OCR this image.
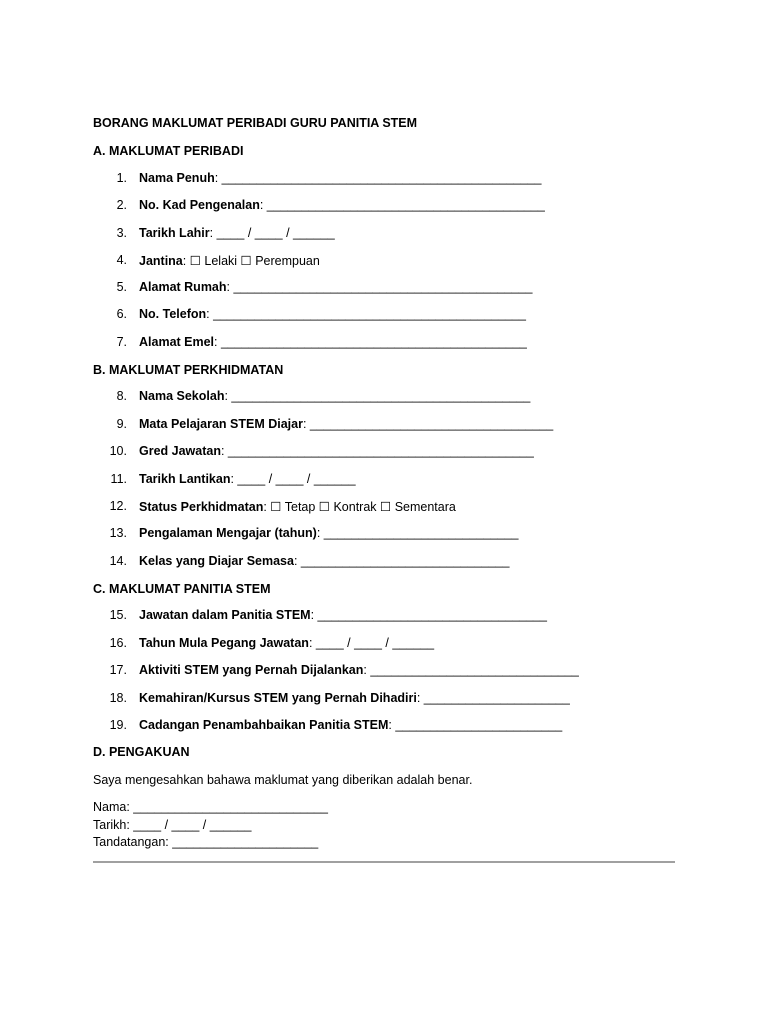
BORANG MAKLUMAT PERIBADI GURU PANITIA STEM
A. MAKLUMAT PERIBADI
1. Nama Penuh: ______________________________________________
2. No. Kad Pengenalan: ________________________________________
3. Tarikh Lahir: ____ / ____ / ______
4. Jantina: ☐ Lelaki ☐ Perempuan
5. Alamat Rumah: ___________________________________________
6. No. Telefon: _____________________________________________
7. Alamat Emel: ____________________________________________
B. MAKLUMAT PERKHIDMATAN
8. Nama Sekolah: ___________________________________________
9. Mata Pelajaran STEM Diajar: ___________________________________
10. Gred Jawatan: ____________________________________________
11. Tarikh Lantikan: ____ / ____ / ______
12. Status Perkhidmatan: ☐ Tetap ☐ Kontrak ☐ Sementara
13. Pengalaman Mengajar (tahun): ____________________________
14. Kelas yang Diajar Semasa: ______________________________
C. MAKLUMAT PANITIA STEM
15. Jawatan dalam Panitia STEM: _________________________________
16. Tahun Mula Pegang Jawatan: ____ / ____ / ______
17. Aktiviti STEM yang Pernah Dijalankan: ______________________________
18. Kemahiran/Kursus STEM yang Pernah Dihadiri: _____________________
19. Cadangan Penambahbaikan Panitia STEM: ________________________
D. PENGAKUAN
Saya mengesahkan bahawa maklumat yang diberikan adalah benar.
Nama: ____________________________
Tarikh: ____ / ____ / ______
Tandatangan: _____________________
